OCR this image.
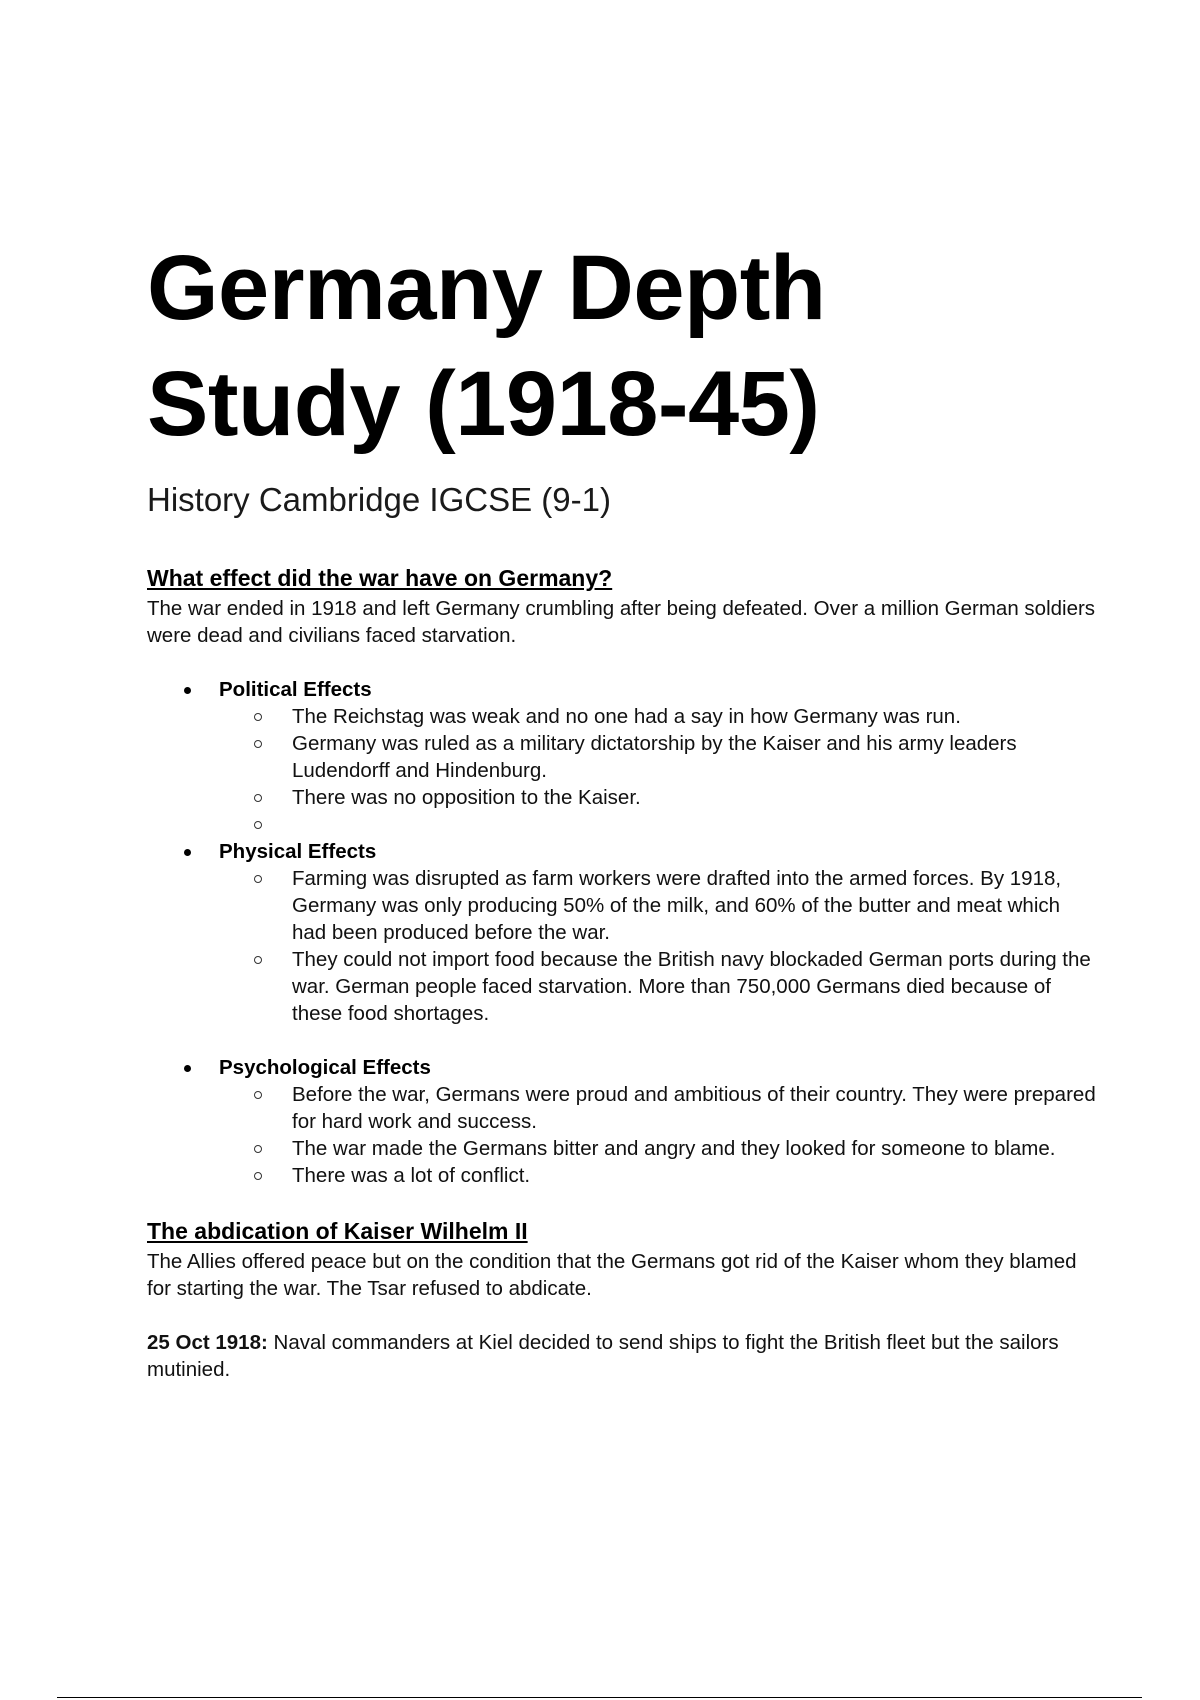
Germany Depth
Study (1918-45)
History Cambridge IGCSE (9-1)
What effect did the war have on Germany?

The war ended in 1918 and left Germany crumbling after being defeated. Over a million German soldiers were dead and civilians faced starvation.

Political Effects
The Reichstag was weak and no one had a say in how Germany was run.
Germany was ruled as a military dictatorship by the Kaiser and his army leaders Ludendorff and Hindenburg.
There was no opposition to the Kaiser.
Physical Effects
Farming was disrupted as farm workers were drafted into the armed forces. By 1918, Germany was only producing 50% of the milk, and 60% of the butter and meat which had been produced before the war.
They could not import food because the British navy blockaded German ports during the war. German people faced starvation. More than 750,000 Germans died because of these food shortages.
Psychological Effects
Before the war, Germans were proud and ambitious of their country. They were prepared for hard work and success.
The war made the Germans bitter and angry and they looked for someone to blame.
There was a lot of conflict.
The abdication of Kaiser Wilhelm II

The Allies offered peace but on the condition that the Germans got rid of the Kaiser whom they blamed for starting the war. The Tsar refused to abdicate.

25 Oct 1918: Naval commanders at Kiel decided to send ships to fight the British fleet but the sailors mutinied.
